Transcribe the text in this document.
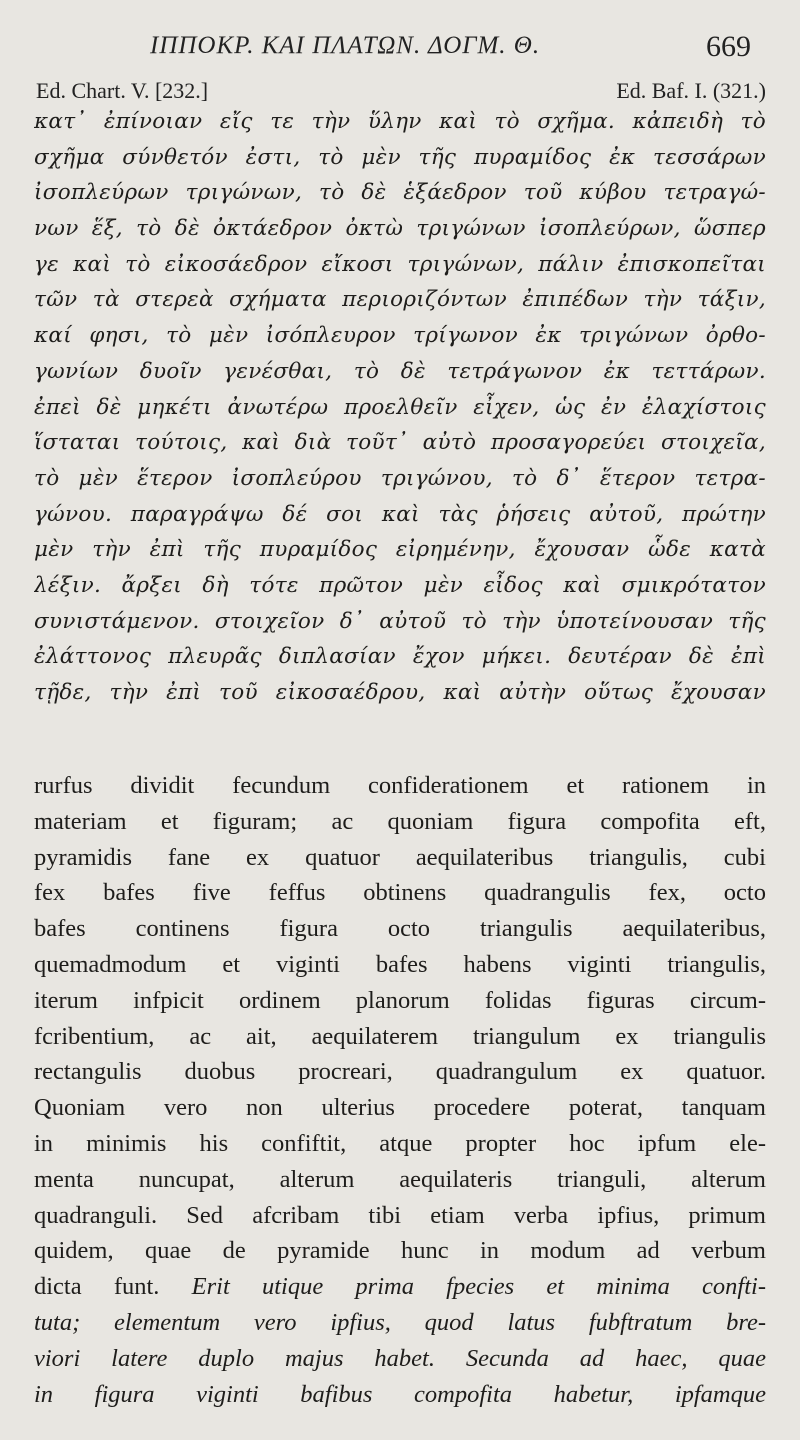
ΙΠΠΟΚΡ. ΚΑΙ ΠΛΑΤΩΝ. ΔΟΓΜ. Θ.	669
Ed. Chart. V. [232.]	Ed. Baf. I. (321.)
κατ᾽ ἐπίνοιαν εἴς τε τὴν ὕλην καὶ τὸ σχῆμα. κἀπειδὴ τὸ
σχῆμα σύνθετόν ἐστι, τὸ μὲν τῆς πυραμίδος ἐκ τεσσάρων
ἰσοπλεύρων τριγώνων, τὸ δὲ ἑξάεδρον τοῦ κύβου τετραγώ-
νων ἕξ, τὸ δὲ ὀκτάεδρον ὀκτὼ τριγώνων ἰσοπλεύρων, ὥσπερ
γε καὶ τὸ εἰκοσάεδρον εἴκοσι τριγώνων, πάλιν ἐπισκοπεῖται
τῶν τὰ στερεὰ σχήματα περιοριζόντων ἐπιπέδων τὴν τάξιν,
καί φησι, τὸ μὲν ἰσόπλευρον τρίγωνον ἐκ τριγώνων ὀρθο-
γωνίων δυοῖν γενέσθαι, τὸ δὲ τετράγωνον ἐκ τεττάρων.
ἐπεὶ δὲ μηκέτι ἀνωτέρω προελθεῖν εἶχεν, ὡς ἐν ἐλαχίστοις
ἵσταται τούτοις, καὶ διὰ τοῦτ᾽ αὐτὸ προσαγορεύει στοιχεῖα,
τὸ μὲν ἕτερον ἰσοπλεύρου τριγώνου, τὸ δ᾽ ἕτερον τετρα-
γώνου. παραγράψω δέ σοι καὶ τὰς ῥήσεις αὐτοῦ, πρώτην
μὲν τὴν ἐπὶ τῆς πυραμίδος εἰρημένην, ἔχουσαν ὧδε κατὰ
λέξιν. ἄρξει δὴ τότε πρῶτον μὲν εἶδος καὶ σμικρότατον
συνιστάμενον. στοιχεῖον δ᾽ αὐτοῦ τὸ τὴν ὑποτείνουσαν τῆς
ἐλάττονος πλευρᾶς διπλασίαν ἔχον μήκει. δευτέραν δὲ ἐπὶ
τῇδε, τὴν ἐπὶ τοῦ εἰκοσαέδρου, καὶ αὐτὴν οὕτως ἔχουσαν
rurfus dividit fecundum confiderationem et rationem in
materiam et figuram; ac quoniam figura compofita eft,
pyramidis fane ex quatuor aequilateribus triangulis, cubi
fex bafes five feffus obtinens quadrangulis fex, octo
bafes continens figura octo triangulis aequilateribus,
quemadmodum et viginti bafes habens viginti triangulis,
iterum infpicit ordinem planorum folidas figuras circum-
fcribentium, ac ait, aequilaterem triangulum ex triangulis
rectangulis duobus procreari, quadrangulum ex quatuor.
Quoniam vero non ulterius procedere poterat, tanquam
in minimis his confiftit, atque propter hoc ipfum ele-
menta nuncupat, alterum aequilateris trianguli, alterum
quadranguli. Sed afcribam tibi etiam verba ipfius, primum
quidem, quae de pyramide hunc in modum ad verbum
dicta funt. Erit utique prima fpecies et minima confti-
tuta; elementum vero ipfius, quod latus fubftratum bre-
viori latere duplo majus habet. Secunda ad haec, quae
in figura viginti bafibus compofita habetur, ipfamque
